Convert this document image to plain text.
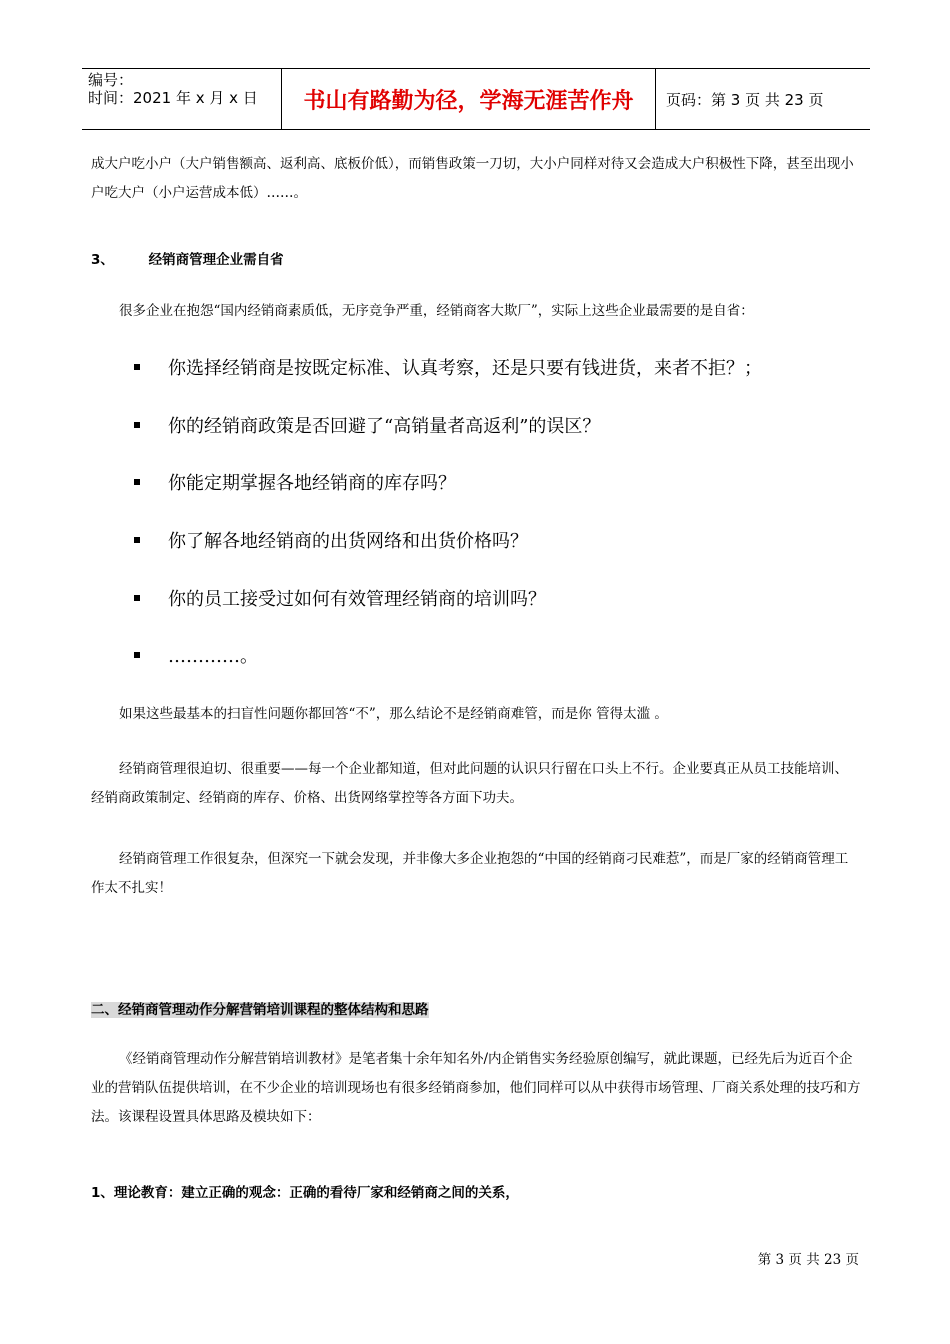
编号：
时间：2021 年 x 月 x 日	书山有路勤为径，学海无涯苦作舟	页码：第 3 页 共 23 页
成大户吃小户（大户销售额高、返利高、底板价低），而销售政策一刀切，大小户同样对待又会造成大户积极性下降，甚至出现小户吃大户（小户运营成本低）……。
3、	经销商管理企业需自省
很多企业在抱怨“国内经销商素质低，无序竞争严重，经销商客大欺厂”，实际上这些企业最需要的是自省：
你选择经销商是按既定标准、认真考察，还是只要有钱进货，来者不拒？；
你的经销商政策是否回避了“高销量者高返利”的误区？
你能定期掌握各地经销商的库存吗？
你了解各地经销商的出货网络和出货价格吗？
你的员工接受过如何有效管理经销商的培训吗？
…………。
如果这些最基本的扫盲性问题你都回答“不”，那么结论不是经销商难管，而是你 管得太滥 。
经销商管理很迫切、很重要——每一个企业都知道，但对此问题的认识只行留在口头上不行。企业要真正从员工技能培训、经销商政策制定、经销商的库存、价格、出货网络掌控等各方面下功夫。
经销商管理工作很复杂，但深究一下就会发现，并非像大多企业抱怨的“中国的经销商刁民难惹”，而是厂家的经销商管理工作太不扎实！
二、经销商管理动作分解营销培训课程的整体结构和思路
《经销商管理动作分解营销培训教材》是笔者集十余年知名外/内企销售实务经验原创编写，就此课题，已经先后为近百个企业的营销队伍提供培训，在不少企业的培训现场也有很多经销商参加，他们同样可以从中获得市场管理、厂商关系处理的技巧和方法。该课程设置具体思路及模块如下：
1、理论教育：建立正确的观念：正确的看待厂家和经销商之间的关系，
第 3 页 共 23 页
